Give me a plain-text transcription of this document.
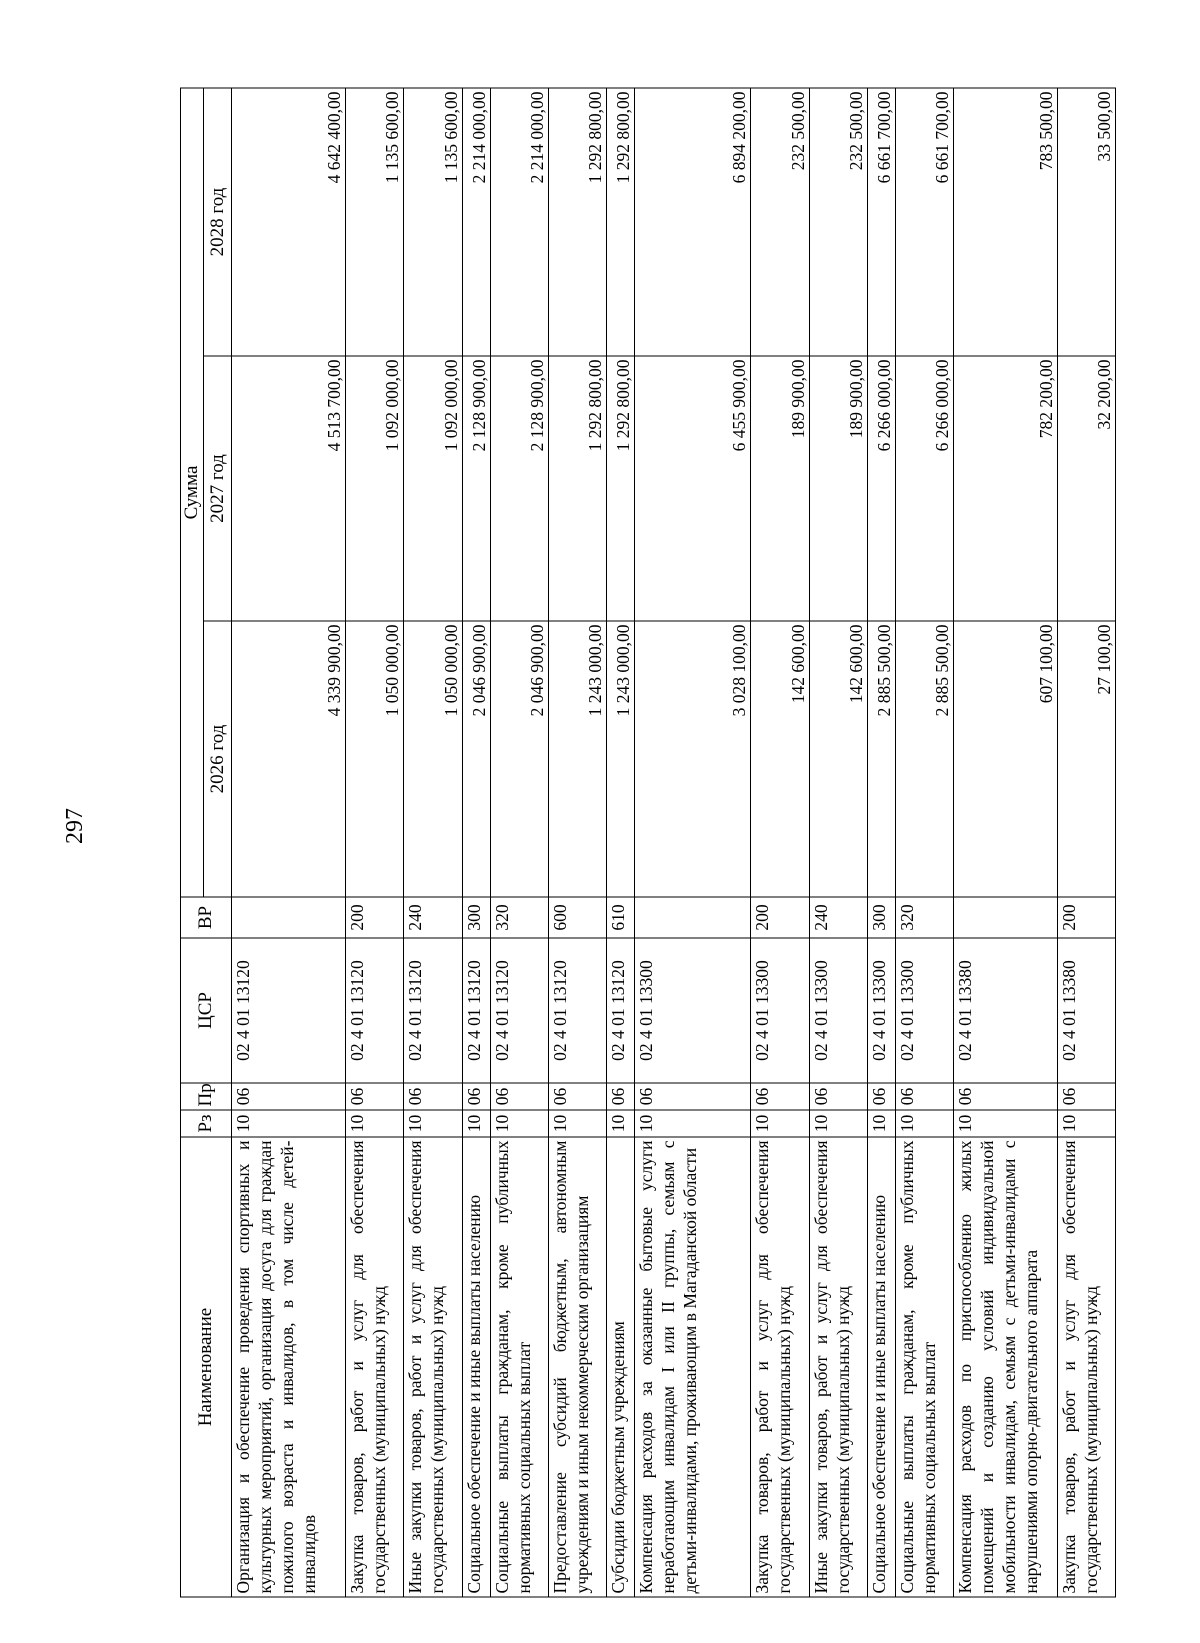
297
Наименование	Рз	Пр	ЦСР	ВР	Сумма		
					2026 год	2027 год	2028 год
Организация и обеспечение проведения спортивных и культурных мероприятий, организация досуга для граждан пожилого возраста и инвалидов, в том числе детей-инвалидов	10	06	02 4 01 13120		4 339 900,00	4 513 700,00	4 642 400,00
Закупка товаров, работ и услуг для обеспечения государственных (муниципальных) нужд	10	06	02 4 01 13120	200	1 050 000,00	1 092 000,00	1 135 600,00
Иные закупки товаров, работ и услуг для обеспечения государственных (муниципальных) нужд	10	06	02 4 01 13120	240	1 050 000,00	1 092 000,00	1 135 600,00
Социальное обеспечение и иные выплаты населению	10	06	02 4 01 13120	300	2 046 900,00	2 128 900,00	2 214 000,00
Социальные выплаты гражданам, кроме публичных нормативных социальных выплат	10	06	02 4 01 13120	320	2 046 900,00	2 128 900,00	2 214 000,00
Предоставление субсидий бюджетным, автономным учреждениям и иным некоммерческим организациям	10	06	02 4 01 13120	600	1 243 000,00	1 292 800,00	1 292 800,00
Субсидии бюджетным учреждениям	10	06	02 4 01 13120	610	1 243 000,00	1 292 800,00	1 292 800,00
Компенсация расходов за оказанные бытовые услуги неработающим инвалидам I или II группы, семьям с детьми-инвалидами, проживающим в Магаданской области	10	06	02 4 01 13300		3 028 100,00	6 455 900,00	6 894 200,00
Закупка товаров, работ и услуг для обеспечения государственных (муниципальных) нужд	10	06	02 4 01 13300	200	142 600,00	189 900,00	232 500,00
Иные закупки товаров, работ и услуг для обеспечения государственных (муниципальных) нужд	10	06	02 4 01 13300	240	142 600,00	189 900,00	232 500,00
Социальное обеспечение и иные выплаты населению	10	06	02 4 01 13300	300	2 885 500,00	6 266 000,00	6 661 700,00
Социальные выплаты гражданам, кроме публичных нормативных социальных выплат	10	06	02 4 01 13300	320	2 885 500,00	6 266 000,00	6 661 700,00
Компенсация расходов по приспособлению жилых помещений и созданию условий индивидуальной мобильности инвалидам, семьям с детьми-инвалидами с нарушениями опорно-двигательного аппарата	10	06	02 4 01 13380		607 100,00	782 200,00	783 500,00
Закупка товаров, работ и услуг для обеспечения государственных (муниципальных) нужд	10	06	02 4 01 13380	200	27 100,00	32 200,00	33 500,00
